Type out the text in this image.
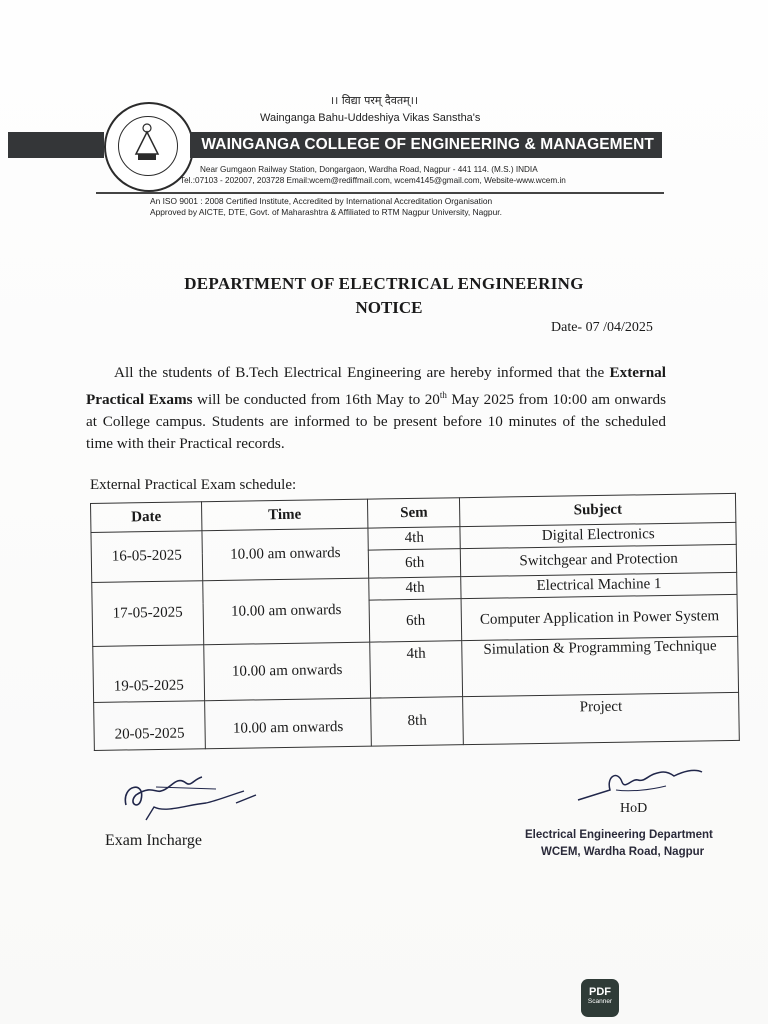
।। विद्या परम् दैवतम्।।
Wainganga Bahu-Uddeshiya Vikas Sanstha's
WAINGANGA COLLEGE OF ENGINEERING & MANAGEMENT
Near Gumgaon Railway Station, Dongargaon, Wardha Road, Nagpur - 441 114. (M.S.) INDIA
Tel.:07103 - 202007, 203728 Email:wcem@rediffmail.com, wcem4145@gmail.com, Website-www.wcem.in
An ISO 9001 : 2008 Certified Institute, Accredited by International Accreditation Organisation
Approved by AICTE, DTE, Govt. of Maharashtra & Affiliated to RTM Nagpur University, Nagpur.
DEPARTMENT OF ELECTRICAL ENGINEERING
NOTICE
Date- 07 /04/2025
All the students of B.Tech Electrical Engineering are hereby informed that the External Practical Exams will be conducted from 16th May to 20th May 2025 from 10:00 am onwards at College campus. Students are informed to be present before 10 minutes of the scheduled time with their Practical records.
External Practical Exam schedule:
Date	Time	Sem	Subject
16-05-2025	10.00 am onwards	4th	Digital Electronics
		6th	Switchgear and Protection
17-05-2025	10.00 am onwards	4th	Electrical Machine 1
		6th	Computer Application in Power System
19-05-2025	10.00 am onwards	4th	Simulation & Programming Technique
20-05-2025	10.00 am onwards	8th	Project
Exam Incharge
HoD
Electrical Engineering Department
WCEM, Wardha Road, Nagpur
PDF
Scanner
